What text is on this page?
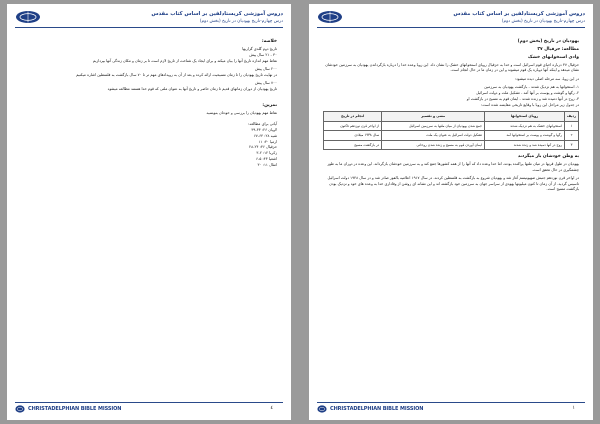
دروس آموزشی کریستادلفین بر اساس کتاب مقدس
درس چهارم-تاریخ یهودیان در تاریخ (بخش دوم)
خلاصه:
تاریخ دوم گلدی گزاریها
۳۰ - ۲۱ سال پیش
نقاط مهم اندازه تاریخ آنها را بیان میکند و برای ایجاد یک شناخت از تاریخ لازم است تا بر زمان و مکان زندگی آنها بپردازیم
۲۰۰ سال پیش
در نهایت تاریخ یهودیان را تا زمان مسیحیت ارائه کرده و بعد از آن به رویدادهای مهم تر تا ۷۰ سال بازگشت به فلسطین اشاره میکنیم
۷۰۰ سال پیش
تاریخ یهودیان از دوران زمانهای قدیم تا زمان حاضر و تاریخ آنها به عنوان ملتی که قوم خدا هستند مطالعه میشود
تمرین:
نقاط مهم یهودیان را بررسی و خودتان بنویسید
آیاتی برای مطالعه:
لاویان ۲۶: ۳۳-۳۹
تثنیه ۲۸: ۶۴-۶۷
ارمیا ۳۰: ۱۱
حزقیال ۳۶: ۲۴-۲۸
زکریا ۱۲: ۲-۳
اشعیا ۴۳: ۵-۶
امثال ۱۱: ۳۰
CHRISTADELPHIAN BIBLE MISSION	٤
دروس آموزشی کریستادلفین بر اساس کتاب مقدس
درس چهارم-تاریخ یهودیان در تاریخ (بخش دوم)
یهودیان در تاریخ (بخش دوم)
مطالعه: حزقیال ۳۷
وادی استخوانهای خشک
حزقیال ۳۷ درباره احیای قوم اسرائیل است و خدا به حزقیال رویای استخوانهای خشک را نشان داد. این رویا وعده خدا را درباره بازگرداندن یهودیان به سرزمین خودشان نشان میدهد و اینکه آنها دوباره یک قوم میشوند و این در زمان ما در حال انجام است.
در این رویا، سه مرحله اصلی دیده میشود:
۱- استخوانها به هم نزدیک شدند - بازگشت یهودیان به سرزمین
۲- رگها و گوشت و پوست بر آنها آمد - تشکیل ملت و دولت اسرائیل
۳- روح در آنها دمیده شد و زنده شدند - ایمان قوم به مسیح در بازگشت او
در جدول زیر مراحل این رویا با وقایع تاریخی مقایسه شده است:
ردیف	رویای استخوانها	معنی و تفسیر	انجام در تاریخ
۱	استخوانهای خشک به هم نزدیک شدند	جمع شدن یهودیان از میان ملتها به سرزمین اسرائیل	از اواخر قرن نوزدهم تاکنون
۲	رگها و گوشت و پوست بر استخوانها آمد	تشکیل دولت اسرائیل به عنوان یک ملت	سال ۱۹۴۸ میلادی
۳	روح در آنها دمیده شد و زنده شدند	ایمان آوردن قوم به مسیح و زنده شدن روحانی	در بازگشت مسیح
به وطن خودشان باز میگردند
یهودیان در طول قرنها در میان ملتها پراکنده بودند، اما خدا وعده داد که آنها را از همه کشورها جمع کند و به سرزمین خودشان بازگرداند. این وعده در دوران ما به طور چشمگیری در حال تحقق است.
در اواخر قرن نوزدهم جنبش صهیونیسم آغاز شد و یهودیان شروع به بازگشت به فلسطین کردند. در سال ۱۹۱۷ اعلامیه بالفور صادر شد و در سال ۱۹۴۸ دولت اسرائیل تاسیس گردید. از آن زمان تا کنون میلیونها یهودی از سراسر جهان به سرزمین خود بازگشته اند و این نشانه ای روشن از وفاداری خدا به وعده های خود و نزدیک بودن بازگشت مسیح است.
CHRISTADELPHIAN BIBLE MISSION	۱
